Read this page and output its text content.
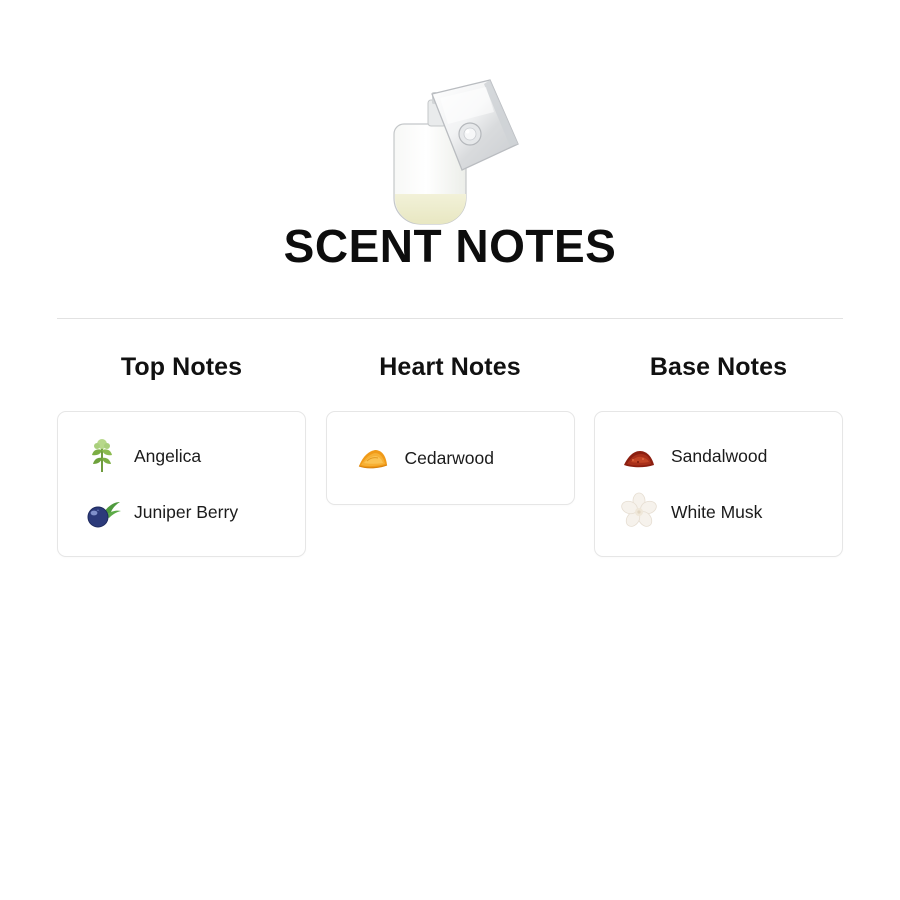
SCENT NOTES
Top Notes
Angelica
Juniper Berry
Heart Notes
Cedarwood
Base Notes
Sandalwood
White Musk
